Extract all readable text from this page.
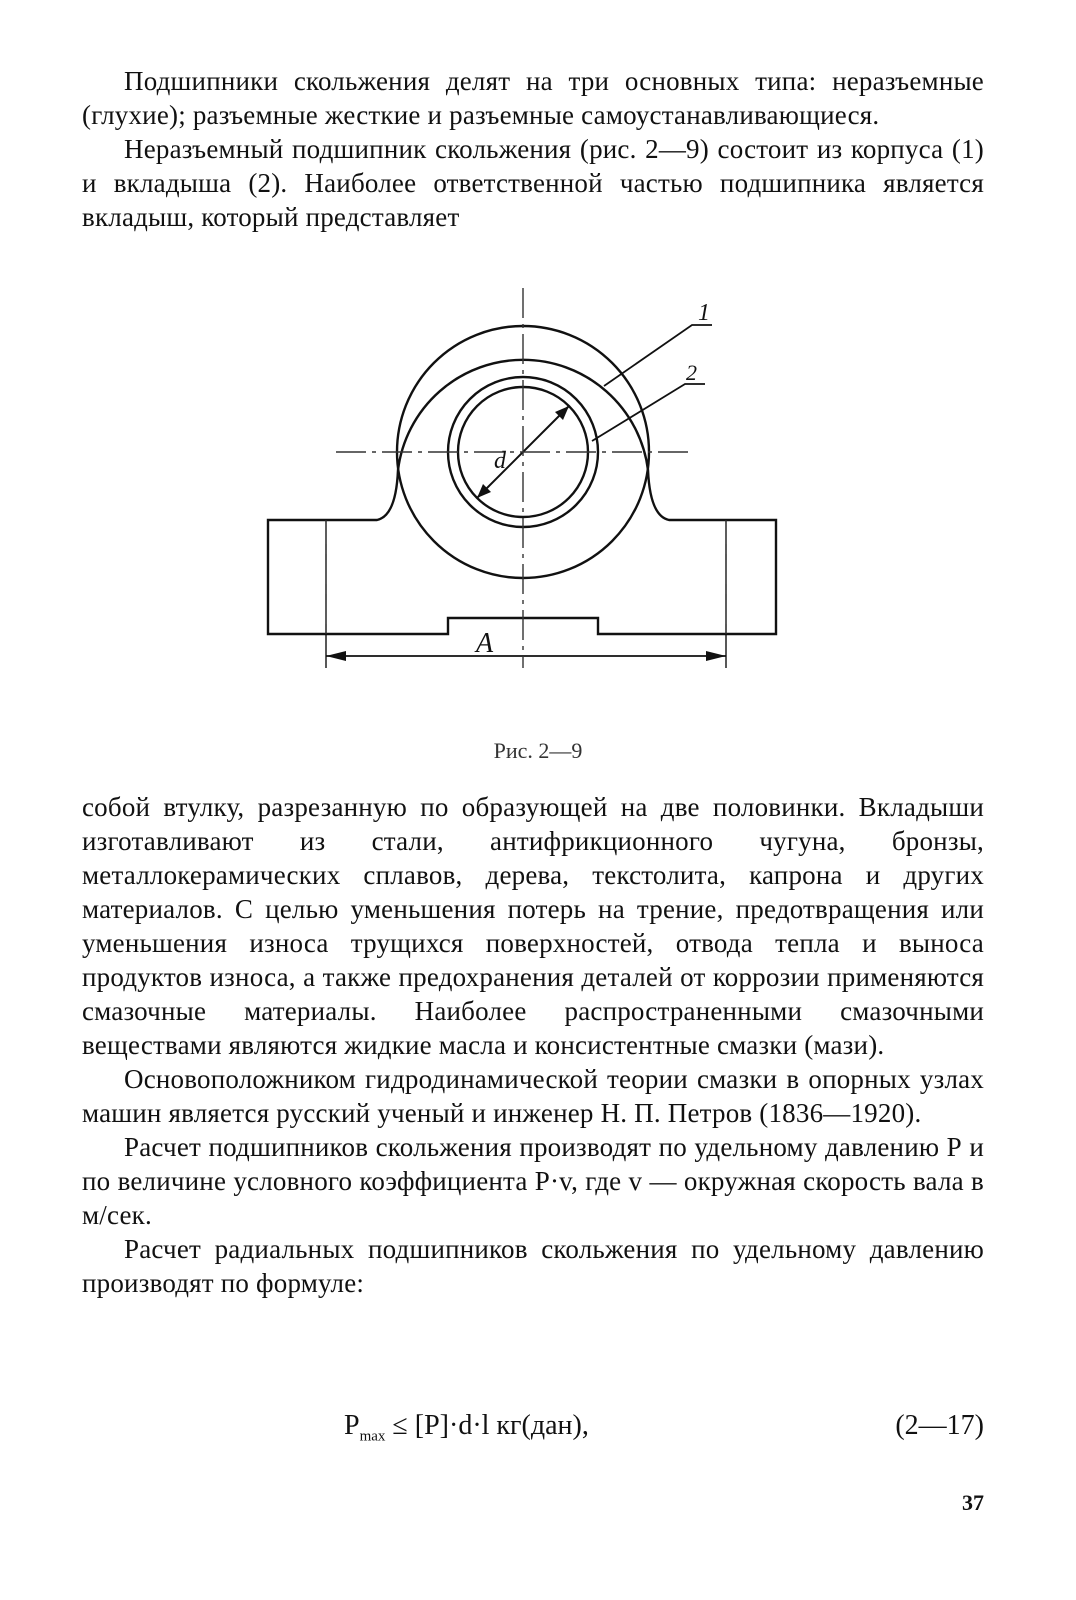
Подшипники скольжения делят на три основных типа: неразъемные (глухие); разъемные жесткие и разъемные самоустанавливающиеся.

Неразъемный подшипник скольжения (рис. 2—9) состоит из корпуса (1) и вкладыша (2). Наиболее ответственной частью подшипника является вкладыш, который представляет

1
2
d
A
Рис. 2—9

собой втулку, разрезанную по образующей на две половинки. Вкладыши изготавливают из стали, антифрикционного чугуна, бронзы, металлокерамических сплавов, дерева, текстолита, капрона и других материалов. С целью уменьшения потерь на трение, предотвращения или уменьшения износа трущихся поверхностей, отвода тепла и выноса продуктов износа, а также предохранения деталей от коррозии применяются смазочные материалы. Наиболее распространенными смазочными веществами являются жидкие масла и консистентные смазки (мази).

Основоположником гидродинамической теории смазки в опорных узлах машин является русский ученый и инженер Н. П. Петров (1836—1920).

Расчет подшипников скольжения производят по удельному давлению Р и по величине условного коэффициента Р·v, где v — окружная скорость вала в м/сек.

Расчет радиальных подшипников скольжения по удельному давлению производят по формуле:

$P_{max} \le [P]\cdot d\cdot l$ кг(дан),	(2—17)
37
